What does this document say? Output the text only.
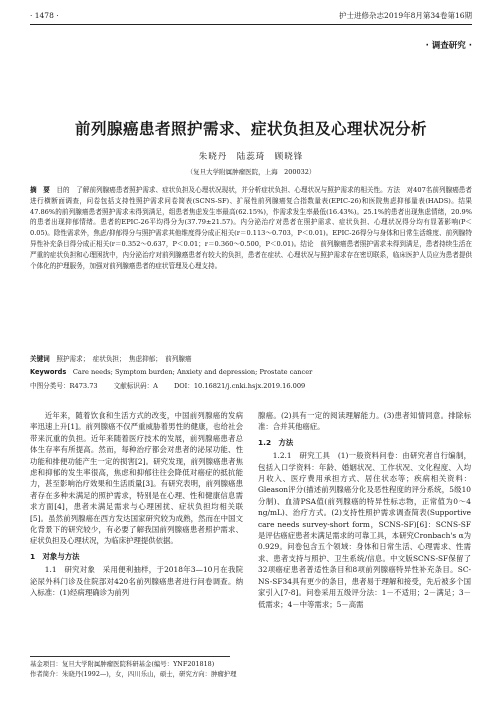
· 1478 ·	护士进修杂志2019年8月第34卷第16期
· 调查研究 ·
前列腺癌患者照护需求、症状负担及心理状况分析
朱晓丹　陆蕊琦　顾晓锋
（复旦大学附属肿瘤医院，上海　200032）
摘　要　 目的　了解前列腺癌患者照护需求、症状负担及心理状况现状，并分析症状负担、心理状况与照护需求的相关性。方法　对407名前列腺癌患者进行横断面调查，问卷包括支持性照护需求问卷简表(SCNS-SF)、扩展性前列腺癌复合指数量表(EPIC-26)和医院焦虑抑郁量表(HADS)。结果　47.86%的前列腺癌患者照护需求未得到满足，组患者焦虑发生率最高(62.15%)，作需求发生率最低(16.43%)。25.1%的患者出现焦虑情绪，20.9%的患者出现抑郁情绪。患者的EPIC-26平均得分为(37.79±21.57)。内分泌治疗对患者在照护需求、症状负担、心理状况得分均有显著影响(P＜0.05)。除性需求外，焦虑/抑郁得分与照护需求其他维度得分成正相关(r＝0.113～0.703，P＜0.01)。EPIC-26得分与身体和日常生活维度、前列腺特异性补充条目得分成正相关(r＝0.352～0.637，P＜0.01；r＝0.360～0.500，P＜0.01)。结论　前列腺癌患者照护需求未得到满足，患者持续生活在严重的症状负担和心理困扰中，内分泌治疗对前列腺癌患者有较大的负担，患者在症状、心理状况与照护需求存在密切联系，临床医护人员应为患者提供个体化的护理服务，加强对前列腺癌患者的症状管理及心理支持。
关键词　 照护需求；　症状负担；　焦虑抑郁；　前列腺癌
Keywords　 Care needs; Symptom burden; Anxiety and depression; Prostate cancer
中图分类号：R473.73 文献标识码：A DOI：10.16821/j.cnki.hsjx.2019.16.009

近年来，随着饮食和生活方式的改变，中国前列腺癌的发病率迅速上升[1]。前列腺癌不仅严重威胁着男性的健康，也给社会带来沉重的负担。近年来随着医疗技术的发展，前列腺癌患者总体生存率有所提高。然而，每种治疗都会对患者的泌尿功能、性功能和排便功能产生一定的损害[2]。研究发现，前列腺癌患者焦虑和抑郁的发生率很高，焦虑和抑郁往往会降低对癌症的抵抗能力，甚至影响治疗效果和生活质量[3]。有研究表明，前列腺癌患者存在多种未满足的照护需求，特别是在心理、性和健康信息需求方面[4]，患者未满足需求与心理困扰、症状负担均相关联[5]。虽然前列腺癌在西方发达国家研究较为成熟，然而在中国文化背景下的研究较少，有必要了解我国前列腺癌患者照护需求、症状负担及心理状况，为临床护理提供依据。

1　对象与方法

1.1　研究对象　采用便利抽样，于2018年3—10月在我院泌尿外科门诊及住院部对420名前列腺癌患者进行问卷调查。纳入标准：(1)经病理确诊为前列

腺癌。(2)具有一定的阅读理解能力。(3)患者知情同意。排除标准：合并其他癌症。

1.2　方法

1.2.1　研究工具　(1)一般资料问卷：由研究者自行编制，包括入口学资料：年龄、婚姻状况、工作状况、文化程度、入均月收入、医疗费用承担方式、居住状态等；疾病相关资料：Gleason评分(描述前列腺癌分化及恶性程度的评分系统，5级10分制)、血清PSA值(前列腺癌的特异性标志物，正常值为0～4 ng/mL)、治疗方式。(2)支持性照护需求调查简表(Supportive care needs survey-short form，SCNS-SF)[6]：SCNS-SF是评估癌症患者未满足需求的可靠工具，本研究Cronbach's α为0.929。问卷包含五个领域：身体和日常生活、心理需求、性需求、患者支持与照护、卫生系统/信息。中文版SCNS-SF保留了32项癌症患者普适性条目和8项前列腺癌特异性补充条目。SC-NS-SF34具有更少的条目，患者易于理解和接受，先后被多个国家引入[7-8]。问卷采用五级评分法：1－不适用；2－满足；3－低需求；4－中等需求；5－高需

基金项目：复旦大学附属肿瘤医院科研基金(编号：YNF201818)
作者简介：朱晓丹(1992—)，女，四川乐山，硕士，研究方向：肿瘤护理
